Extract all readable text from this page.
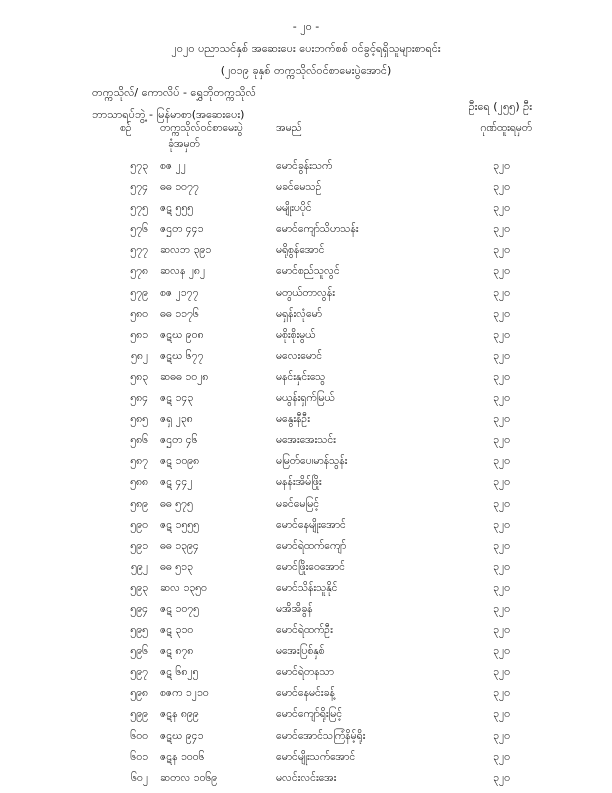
- ၂၀ -
၂၀၂၀ ပညာသင်နှစ် အဆေးပေး ပေးဘက်စစ် ဝင်ခွင့်ရရှိသူများစာရင်း
(၂၀၁၉ ခုနှစ် တက္ကသိုလ်ဝင်စာမေးပွဲအောင်)
တက္ကသိုလ်/ ကောလိပ် - ရွှေဘိုတက္ကသိုလ်
ဘာသာရပ်ဘွဲ့ - မြန်မာစာ(အဆေးပေး)
ဦးရေ (၂၅၅) ဦး
စဉ်	တက္ကသိုလ်ဝင်စာမေးပွဲ
ခုံအမှတ်
အမည်	ဂုဏ်ထူးရမှတ်
၅၇၃ စဇ ၂၂	မောင်ခွန်းသက်	၃၂၀
၅၇၄ ဓဓ ၁၀၇၇	မခင်မေသဉ်	၃၂၀
၅၇၅ ဇဋ ၅၅၅	မမျိုးပပိုင်	၃၂၀
၅၇၆ ဇဌတ ၄၄၁	မောင်ကျော်သိဟသန်း	၃၂၀
၅၇၇ ဆလဘ ၃၉၁	မရိုစွန်အောင်	၃၂၀
၅၇၈ ဆလန ၂၈၂	မောင်စည်သူလွင်	၃၂၀
၅၇၉ စဇ ၂၁၇၇	မတွယ်တာလွန်း	၃၂၀
၅၈၀ ဓဓ ၁၁၇၆	မရှန်းလုံမော်	၃၂၀
၅၈၁ ဇဋဃ ၉၀၈	မစိုးစိုးမွယ်	၃၂၀
၅၈၂ ဇဋဃ ၆၇၇	မလေးမောင်	၃၂၀
၅၈၃ ဆဓဓ ၁၀၂၈	မနင်းနှင်းသွေ	၃၂၀
၅၈၄ ဇဋ ၁၄၃	မယွန်းရှက်မြယ်	၃၂၀
၅၈၅ ဇရှ ၂၃၈	မနွေးနီဦး	၃၂၀
၅၈၆ ဇဌတ ၄၆	မအေးအေးသင်း	၃၂၀
၅၈၇ ဇဋ ၁၀၉၈	မမြတ်ပေ၊မာန်သွန်း	၃၂၀
၅၈၈ ဇဋ ၄၄၂	မနန်းအိမ်ဖြိုး	၃၂၀
၅၈၉ ဓဓ ၅၇၅	မခင်မေမြင့်	၃၂၀
၅၉၀ ဇဋ ၁၅၅၅	မောင်နေမျိုးအောင်	၃၂၀
၅၉၁ ဓဓ ၁၃၉၄	မောင်ရဲထက်ကျော်	၃၂၀
၅၉၂ ဓဓ ၅၁၃	မောင်ဖြိုးဝေအောင်	၃၂၀
၅၉၃ ဆလ ၁၃၅၀	မောင်သိန်းသူနိုင်	၃၂၀
၅၉၄ ဇဋ ၁၀၇၅	မအိအိခွန်	၃၂၀
၅၉၅ ဇဋ ၃၁၀	မောင်ရဲထက်ဦး	၃၂၀
၅၉၆ ဇဋ ၈၇၈	မအေးပြစ်နှစ်	၃၂၀
၅၉၇ ဇဋ ၆၈၂၅	မောင်ရဲတနသာ	၃၂၀
၅၉၈ စဇက ၁၂၁၀	မောင်နေမင်းခန့်	၃၂၀
၅၉၉ ဇဋန ၈၉၉	မောင်ကျော်ရိုးမြင့်	၃၂၀
၆၀၀ ဇဋဃ ၉၄၁	မောင်အောင်သကြံနိမ့်ရိုး	၃၂၀
၆၀၁ ဇဋန ၁၀၀၆	မောင်မျိုးသက်အောင်	၃၂၀
၆၀၂ ဆတလ ၁၀၆၉	မလင်းလင်းအေး	၃၂၀
